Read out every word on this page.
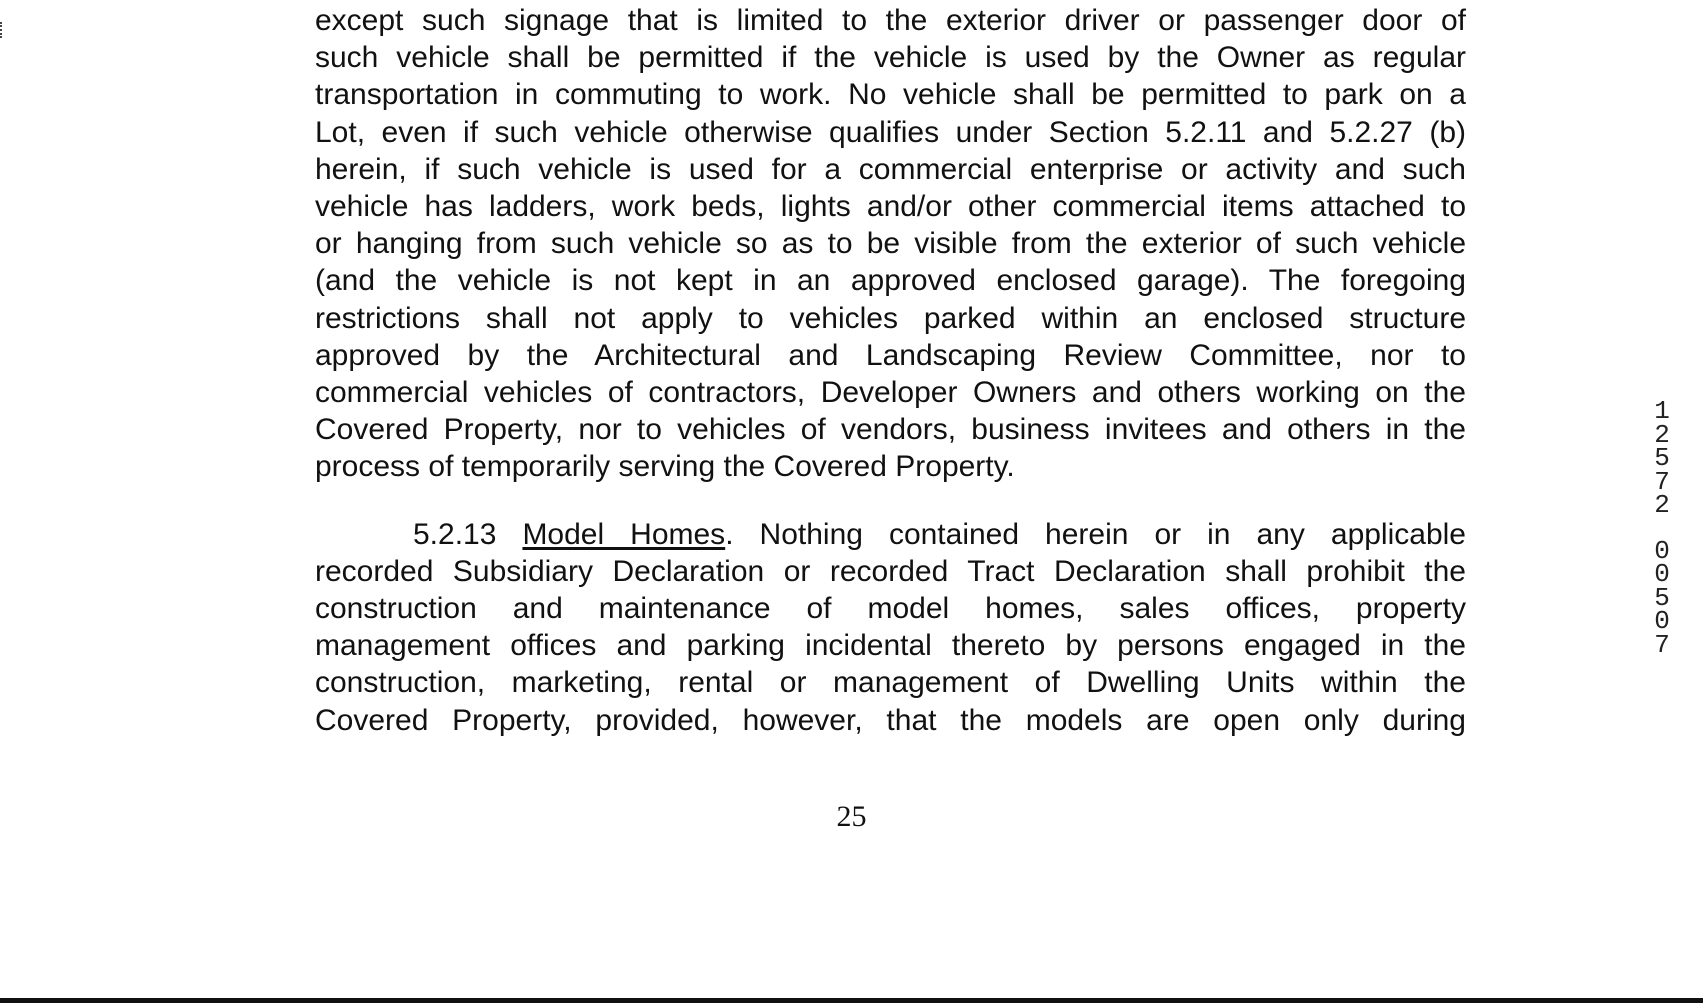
except such signage that is limited to the exterior driver or passenger door of
such vehicle shall be permitted if the vehicle is used by the Owner as regular
transportation in commuting to work. No vehicle shall be permitted to park on a
Lot, even if such vehicle otherwise qualifies under Section 5.2.11 and 5.2.27 (b)
herein, if such vehicle is used for a commercial enterprise or activity and such
vehicle has ladders, work beds, lights and/or other commercial items attached to
or hanging from such vehicle so as to be visible from the exterior of such vehicle
(and the vehicle is not kept in an approved enclosed garage). The foregoing
restrictions shall not apply to vehicles parked within an enclosed structure
approved by the Architectural and Landscaping Review Committee, nor to
commercial vehicles of contractors, Developer Owners and others working on the
Covered Property, nor to vehicles of vendors, business invitees and others in the
process of temporarily serving the Covered Property.

5.2.13 Model Homes. Nothing contained herein or in any applicable
recorded Subsidiary Declaration or recorded Tract Declaration shall prohibit the
construction and maintenance of model homes, sales offices, property
management offices and parking incidental thereto by persons engaged in the
construction, marketing, rental or management of Dwelling Units within the
Covered Property, provided, however, that the models are open only during

25
1
2
5
7
2
0
0
5
0
7
